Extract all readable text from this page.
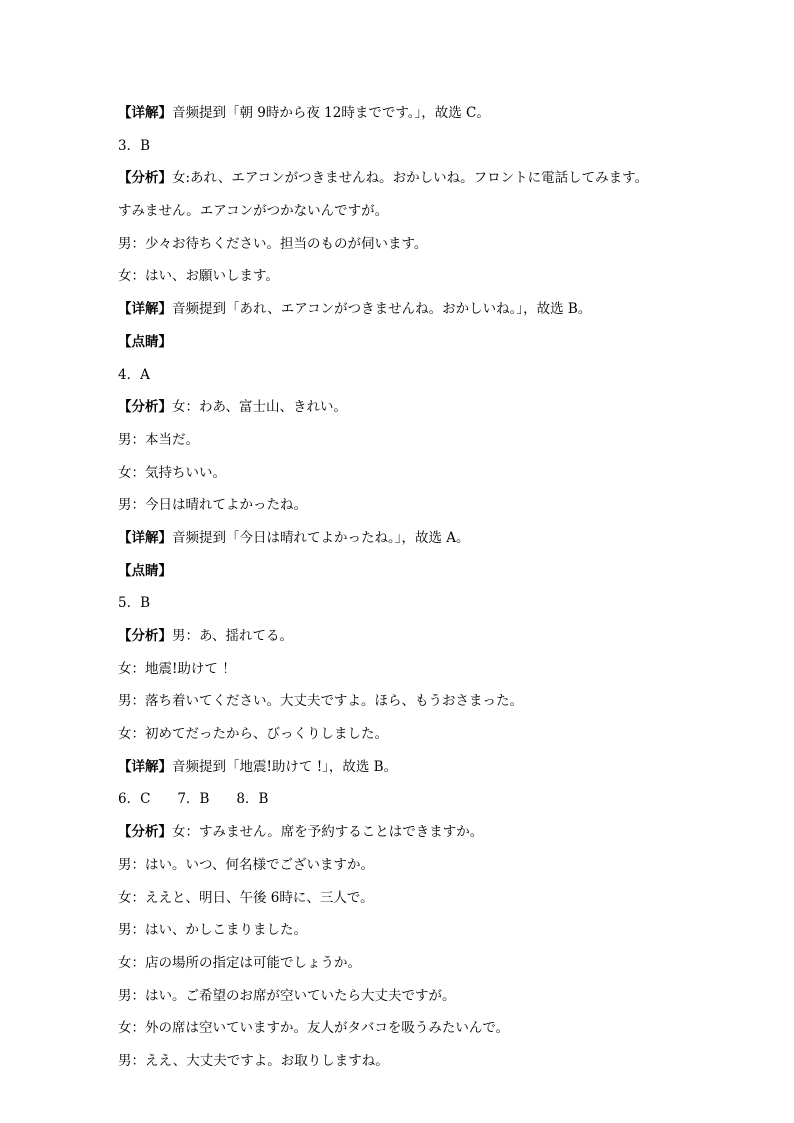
【详解】音频提到「朝 9時から夜 12時までです。」，故选 C。
3．B
【分析】女:あれ、エアコンがつきませんね。おかしいね。フロントに電話してみます。
すみません。エアコンがつかないんですが。
男：少々お待ちください。担当のものが伺います。
女：はい、お願いします。
【详解】音频提到「あれ、エアコンがつきませんね。おかしいね。」，故选 B。
【点睛】
4．A
【分析】女：わあ、富士山、きれい。
男：本当だ。
女：気持ちいい。
男：今日は晴れてよかったね。
【详解】音频提到「今日は晴れてよかったね。」，故选 A。
【点睛】
5．B
【分析】男：あ、揺れてる。
女：地震!助けて ！
男：落ち着いてください。大丈夫ですよ。ほら、もうおさまった。
女：初めてだったから、びっくりしました。
【详解】音频提到「地震!助けて !」，故选 B。
6．C　　7．B　　8．B
【分析】女：すみません。席を予約することはできますか。
男：はい。いつ、何名様でございますか。
女：ええと、明日、午後 6時に、三人で。
男：はい、かしこまりました。
女：店の場所の指定は可能でしょうか。
男：はい。ご希望のお席が空いていたら大丈夫ですが。
女：外の席は空いていますか。友人がタバコを吸うみたいんで。
男：ええ、大丈夫ですよ。お取りしますね。
